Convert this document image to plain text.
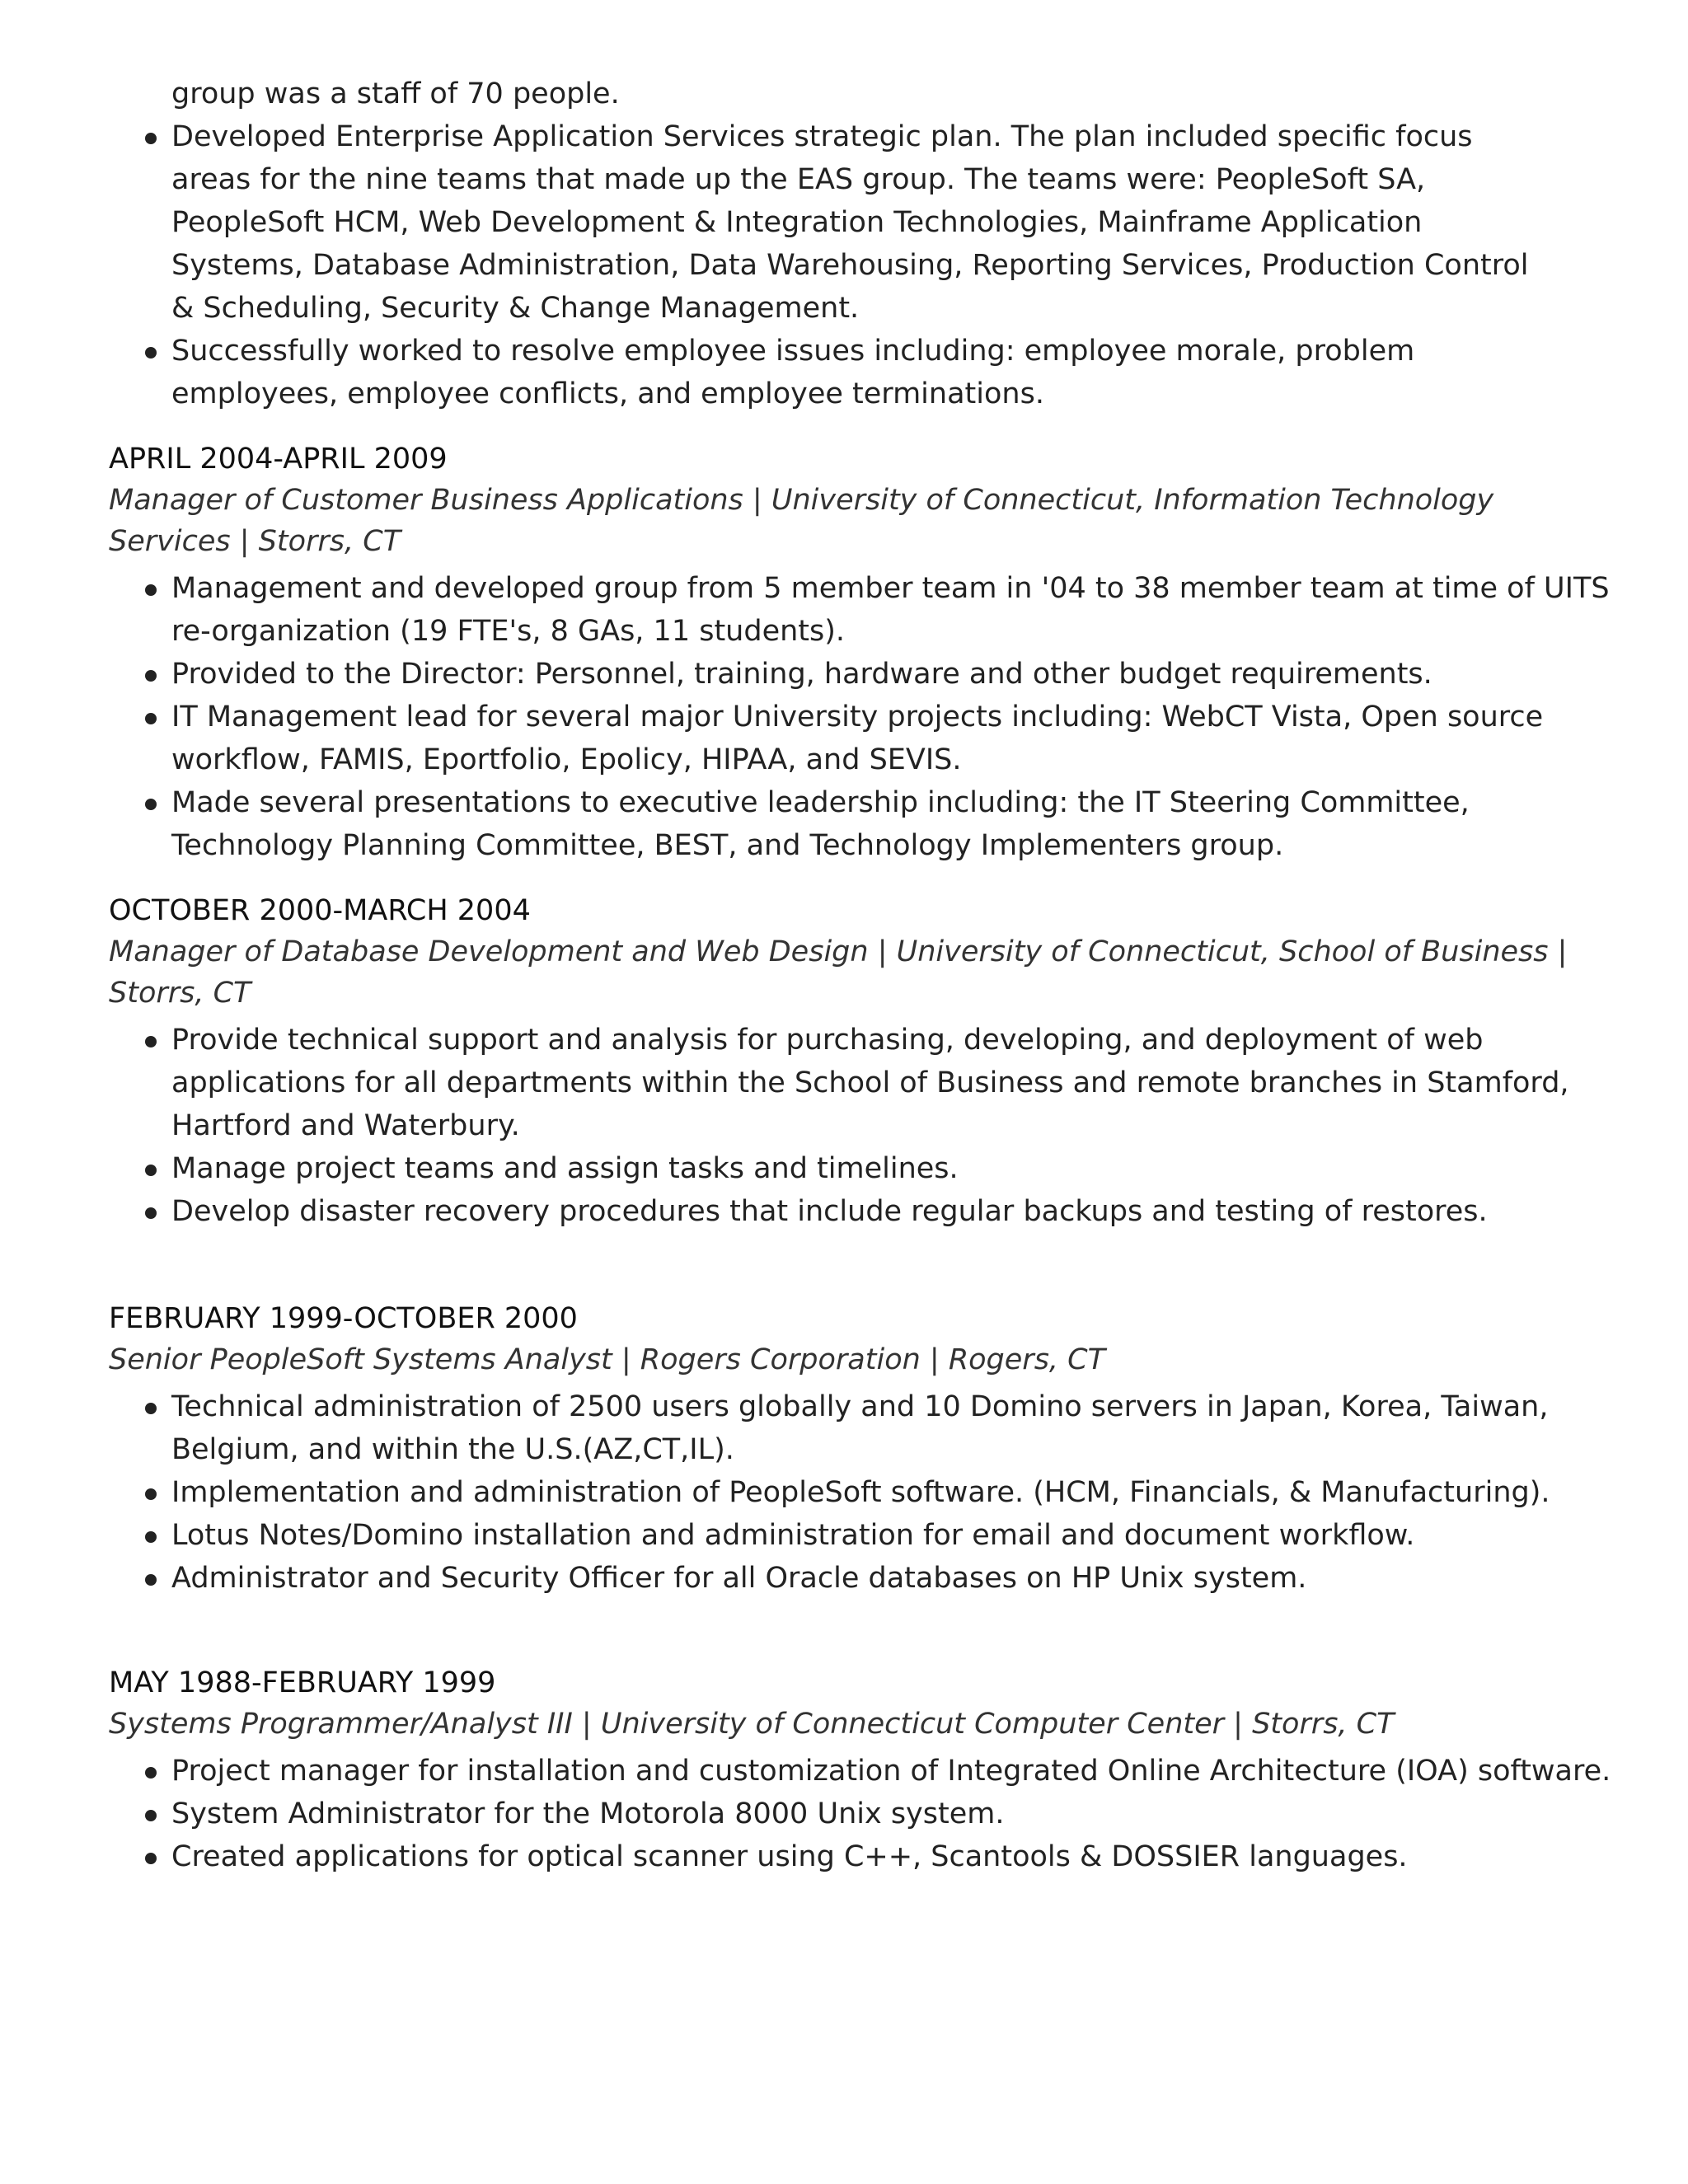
group was a staff of 70 people.

Developed Enterprise Application Services strategic plan. The plan included specific focus areas for the nine teams that made up the EAS group. The teams were: PeopleSoft SA, PeopleSoft HCM, Web Development & Integration Technologies, Mainframe Application Systems, Database Administration, Data Warehousing, Reporting Services, Production Control & Scheduling, Security & Change Management.
Successfully worked to resolve employee issues including: employee morale, problem employees, employee conflicts, and employee terminations.

APRIL 2004-APRIL 2009

Manager of Customer Business Applications | University of Connecticut, Information Technology Services | Storrs, CT

Management and developed group from 5 member team in '04 to 38 member team at time of UITS re-organization (19 FTE's, 8 GAs, 11 students).
Provided to the Director: Personnel, training, hardware and other budget requirements.
IT Management lead for several major University projects including: WebCT Vista, Open source workflow, FAMIS, Eportfolio, Epolicy, HIPAA, and SEVIS.
Made several presentations to executive leadership including: the IT Steering Committee, Technology Planning Committee, BEST, and Technology Implementers group.

OCTOBER 2000-MARCH 2004

Manager of Database Development and Web Design | University of Connecticut, School of Business | Storrs, CT

Provide technical support and analysis for purchasing, developing, and deployment of web applications for all departments within the School of Business and remote branches in Stamford, Hartford and Waterbury.
Manage project teams and assign tasks and timelines.
Develop disaster recovery procedures that include regular backups and testing of restores.

FEBRUARY 1999-OCTOBER 2000

Senior PeopleSoft Systems Analyst | Rogers Corporation | Rogers, CT

Technical administration of 2500 users globally and 10 Domino servers in Japan, Korea, Taiwan, Belgium, and within the U.S.(AZ,CT,IL).
Implementation and administration of PeopleSoft software. (HCM, Financials, & Manufacturing).
Lotus Notes/Domino installation and administration for email and document workflow.
Administrator and Security Officer for all Oracle databases on HP Unix system.

MAY 1988-FEBRUARY 1999

Systems Programmer/Analyst III | University of Connecticut Computer Center | Storrs, CT

Project manager for installation and customization of Integrated Online Architecture (IOA) software.
System Administrator for the Motorola 8000 Unix system.
Created applications for optical scanner using C++, Scantools & DOSSIER languages.
